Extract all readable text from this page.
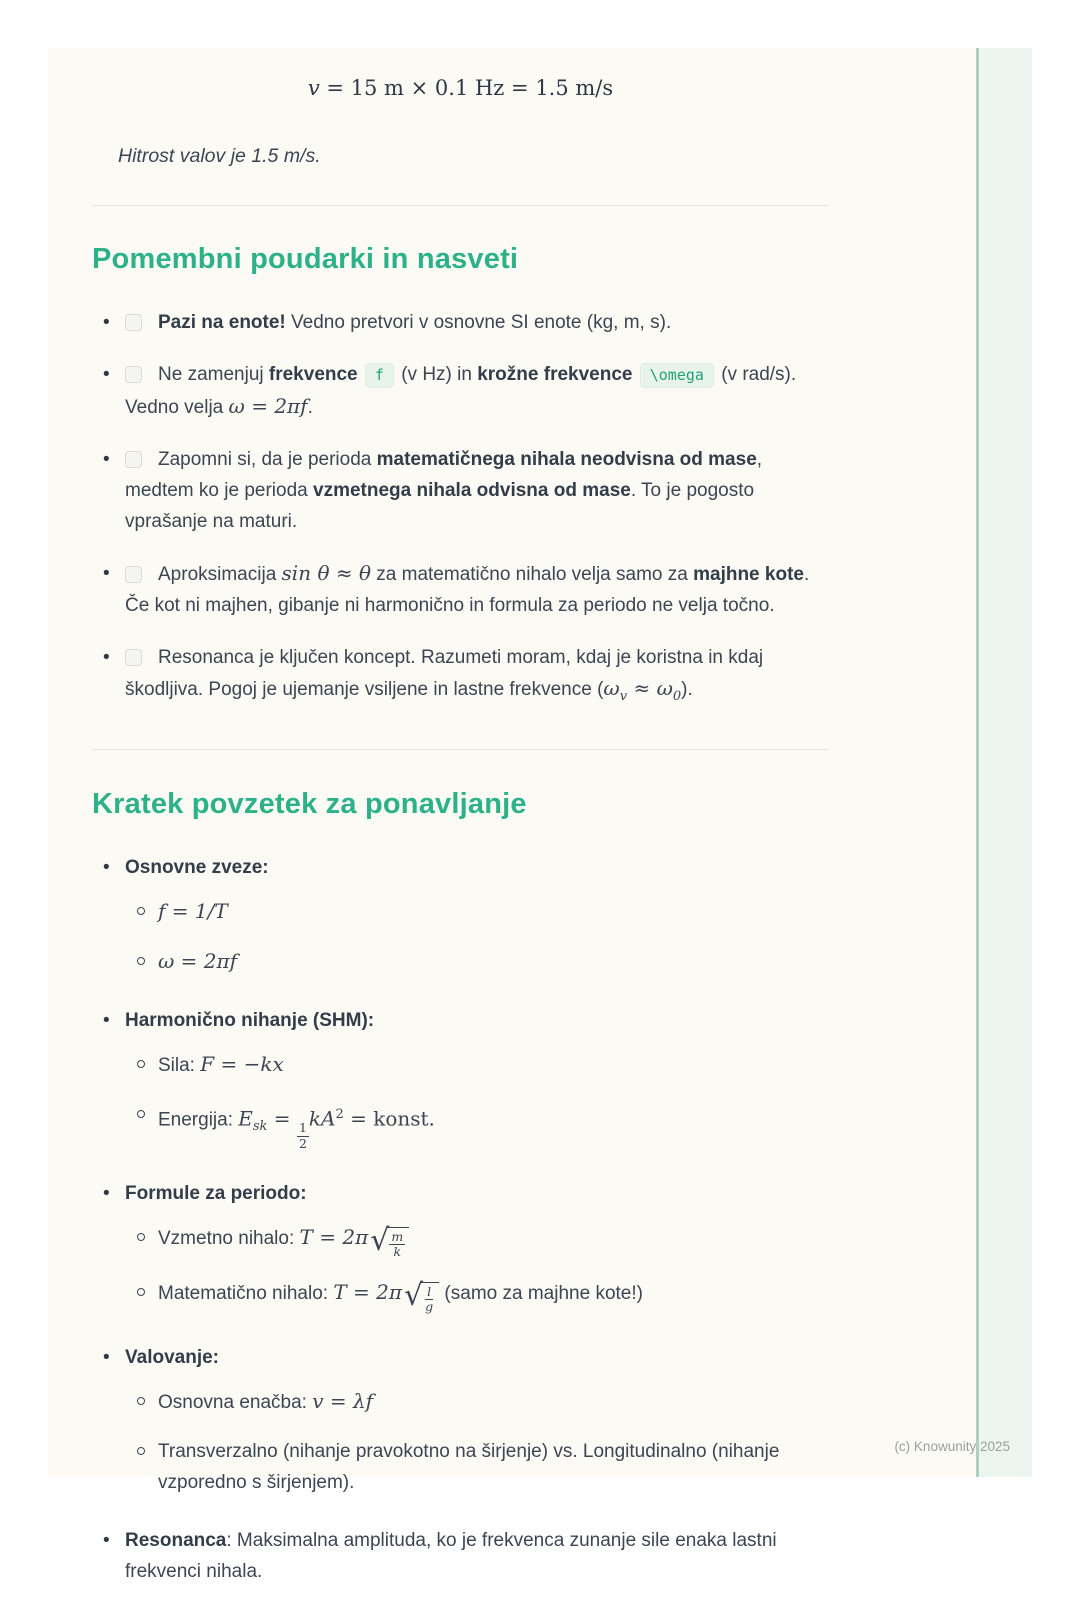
v = 15 m × 0.1 Hz = 1.5 m/s
Hitrost valov je 1.5 m/s.
Pomembni poudarki in nasveti
•	Pazi na enote! Vedno pretvori v osnovne SI enote (kg, m, s).
•	Ne zamenjuj frekvence f (v Hz) in krožne frekvence \omega (v rad/s). Vedno velja ω = 2πf.
•	Zapomni si, da je perioda matematičnega nihala neodvisna od mase, medtem ko je perioda vzmetnega nihala odvisna od mase. To je pogosto vprašanje na maturi.
•	Aproksimacija sin θ ≈ θ za matematično nihalo velja samo za majhne kote. Če kot ni majhen, gibanje ni harmonično in formula za periodo ne velja točno.
•	Resonanca je ključen koncept. Razumeti moram, kdaj je koristna in kdaj škodljiva. Pogoj je ujemanje vsiljene in lastne frekvence $(\omega_v \approx \omega_0)$.
Kratek povzetek za ponavljanje
• Osnovne zveze:
f = 1/T
ω = 2πf
• Harmonično nihanje (SHM):
Sila: F = −kx
Energija: $E_{sk}$ =
$\frac{1}{2}$
$kA^2$ = konst.
• Formule za periodo:
Vzmetno nihalo: T = 2π √ $\frac{m}{k}$
Matematično nihalo: T = 2π √ $\frac{l}{g}$ (samo za majhne kote!)
• Valovanje:
Osnovna enačba: v = λf
Transverzalno (nihanje pravokotno na širjenje) vs. Longitudinalno (nihanje vzporedno s širjenjem).
• Resonanca: Maksimalna amplituda, ko je frekvenca zunanje sile enaka lastni frekvenci nihala.
(c) Knowunity 2025
